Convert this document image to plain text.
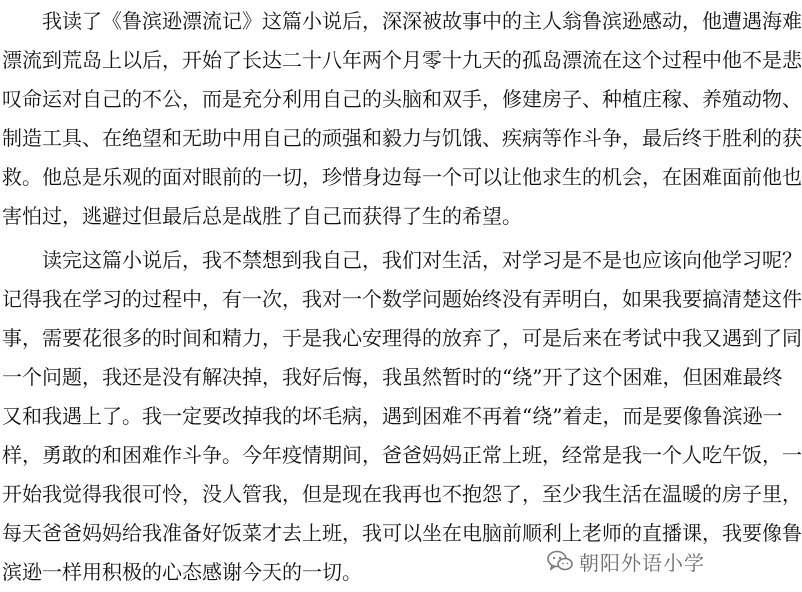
我读了《鲁滨逊漂流记》这篇小说后，深深被故事中的主人翁鲁滨逊感动，他遭遇海难
漂流到荒岛上以后，开始了长达二十八年两个月零十九天的孤岛漂流在这个过程中他不是悲
叹命运对自己的不公，而是充分利用自己的头脑和双手，修建房子、种植庄稼、养殖动物、
制造工具、在绝望和无助中用自己的顽强和毅力与饥饿、疾病等作斗争，最后终于胜利的获
救。他总是乐观的面对眼前的一切，珍惜身边每一个可以让他求生的机会，在困难面前他也
害怕过，逃避过但最后总是战胜了自己而获得了生的希望。
读完这篇小说后，我不禁想到我自己，我们对生活，对学习是不是也应该向他学习呢？
记得我在学习的过程中，有一次，我对一个数学问题始终没有弄明白，如果我要搞清楚这件
事，需要花很多的时间和精力，于是我心安理得的放弃了，可是后来在考试中我又遇到了同
一个问题，我还是没有解决掉，我好后悔，我虽然暂时的“绕”开了这个困难，但困难最终
又和我遇上了。我一定要改掉我的坏毛病，遇到困难不再着“绕”着走，而是要像鲁滨逊一
样，勇敢的和困难作斗争。今年疫情期间，爸爸妈妈正常上班，经常是我一个人吃午饭，一
开始我觉得我很可怜，没人管我，但是现在我再也不抱怨了，至少我生活在温暖的房子里，
每天爸爸妈妈给我准备好饭菜才去上班，我可以坐在电脑前顺利上老师的直播课，我要像鲁
滨逊一样用积极的心态感谢今天的一切。	朝阳外语小学
